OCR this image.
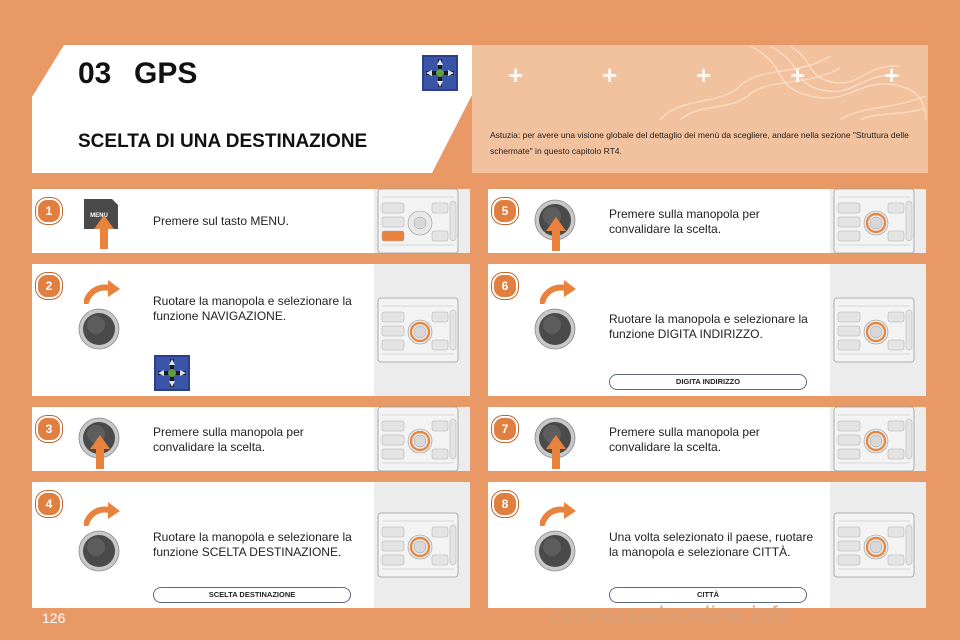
03 GPS
SCELTA DI UNA DESTINAZIONE	Astuzia: per avere una visione globale del dettaglio dei menù da scegliere, andare nella sezione "Struttura delle schermate" in questo capitolo RT4.
+	+	+	+	+
1	MENU	Premere sul tasto MENU.
2
Ruotare la manopola e selezionare la funzione NAVIGAZIONE.
3	Premere sulla manopola per convalidare la scelta.
4
Ruotare la manopola e selezionare la funzione SCELTA DESTINAZIONE.
SCELTA DESTINAZIONE
5	Premere sulla manopola per convalidare la scelta.
6
Ruotare la manopola e selezionare la funzione DIGITA INDIRIZZO.
DIGITA INDIRIZZO
7	Premere sulla manopola per convalidare la scelta.
8
Una volta selezionato il paese, ruotare la manopola e selezionare CITTÀ.
CITTÀ
126	carmanualsonline.info
